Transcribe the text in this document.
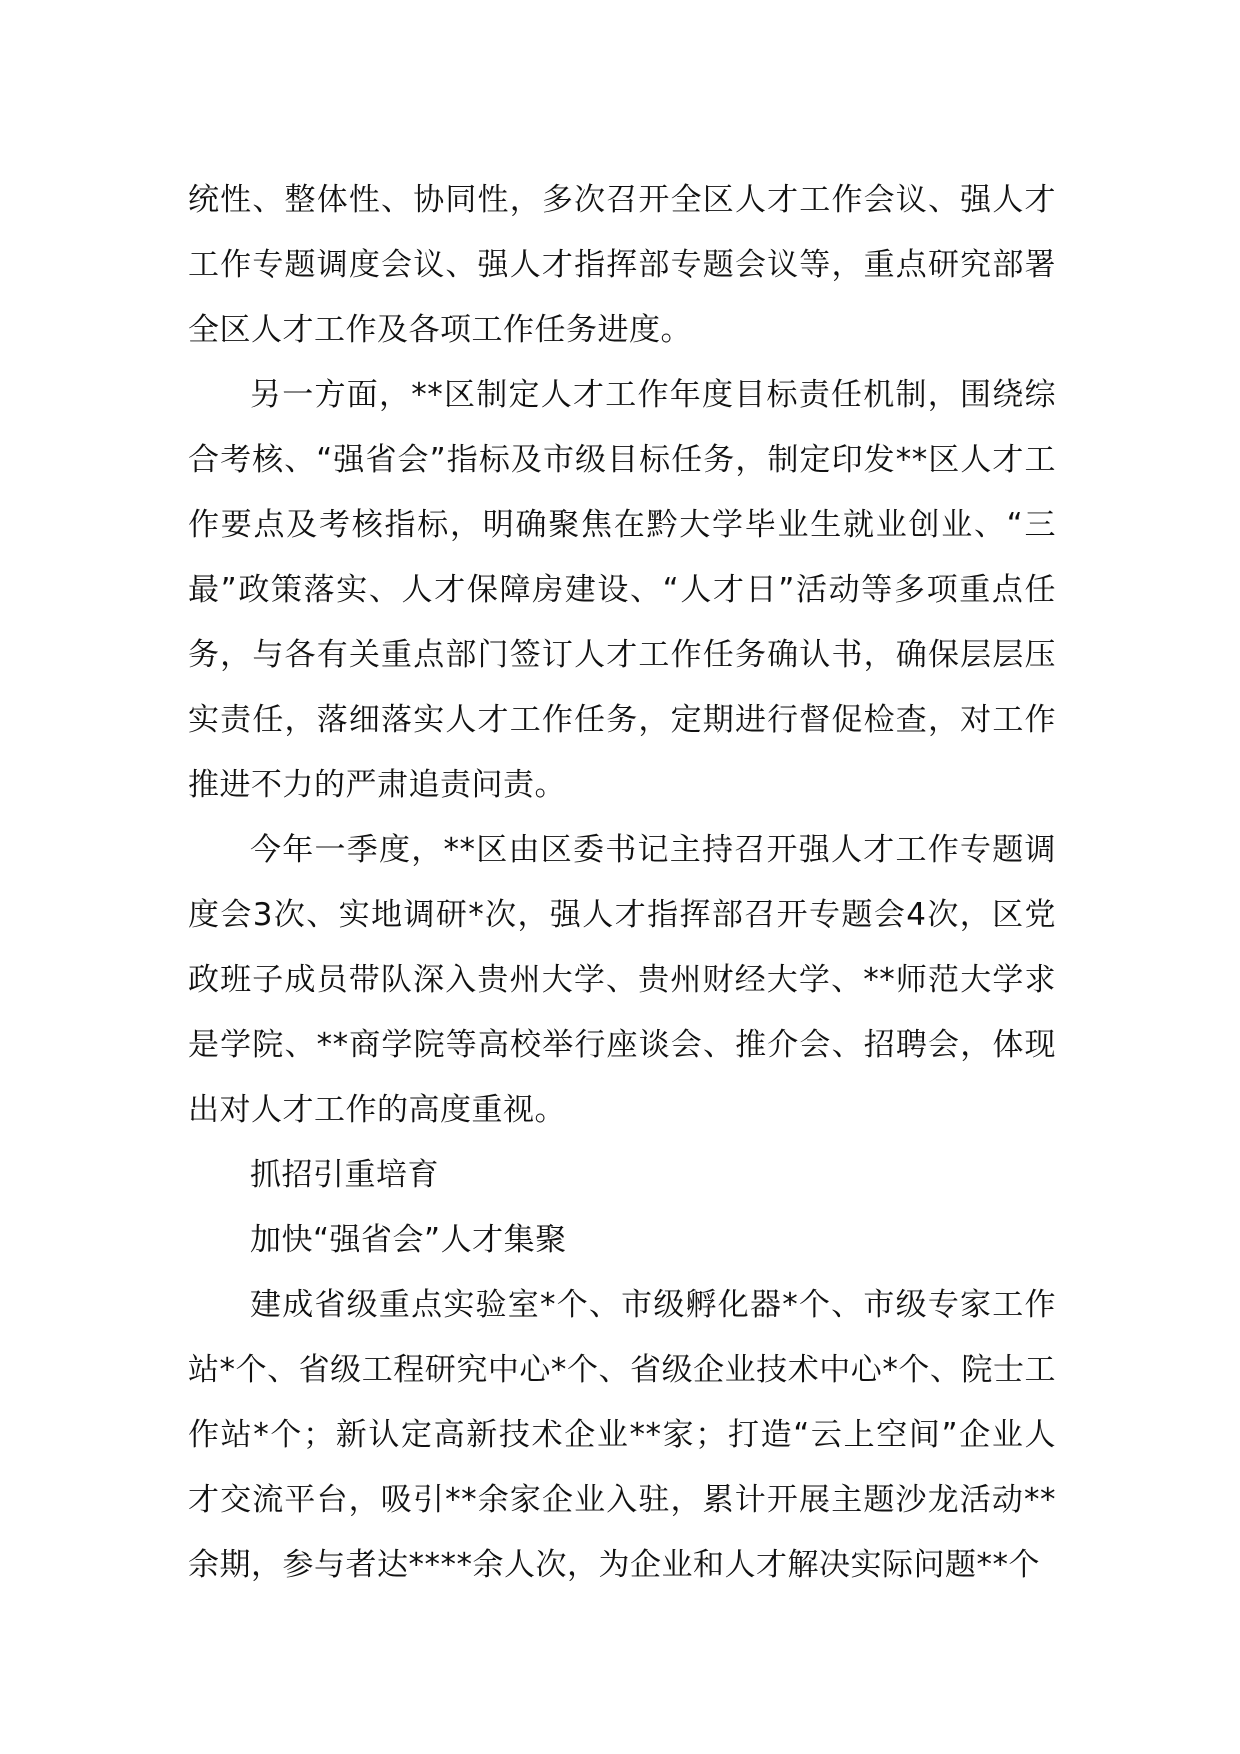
统性、整体性、协同性，多次召开全区人才工作会议、强人才工作专题调度会议、强人才指挥部专题会议等，重点研究部署全区人才工作及各项工作任务进度。

另一方面，**区制定人才工作年度目标责任机制，围绕综合考核、“强省会”指标及市级目标任务，制定印发**区人才工作要点及考核指标，明确聚焦在黔大学毕业生就业创业、“三最”政策落实、人才保障房建设、“人才日”活动等多项重点任务，与各有关重点部门签订人才工作任务确认书，确保层层压实责任，落细落实人才工作任务，定期进行督促检查，对工作推进不力的严肃追责问责。

今年一季度，**区由区委书记主持召开强人才工作专题调度会3次、实地调研*次，强人才指挥部召开专题会4次，区党政班子成员带队深入贵州大学、贵州财经大学、**师范大学求是学院、**商学院等高校举行座谈会、推介会、招聘会，体现出对人才工作的高度重视。

抓招引重培育

加快“强省会”人才集聚

建成省级重点实验室*个、市级孵化器*个、市级专家工作站*个、省级工程研究中心*个、省级企业技术中心*个、院士工作站*个；新认定高新技术企业**家；打造“云上空间”企业人才交流平台，吸引**余家企业入驻，累计开展主题沙龙活动**余期，参与者达****余人次，为企业和人才解决实际问题**个
